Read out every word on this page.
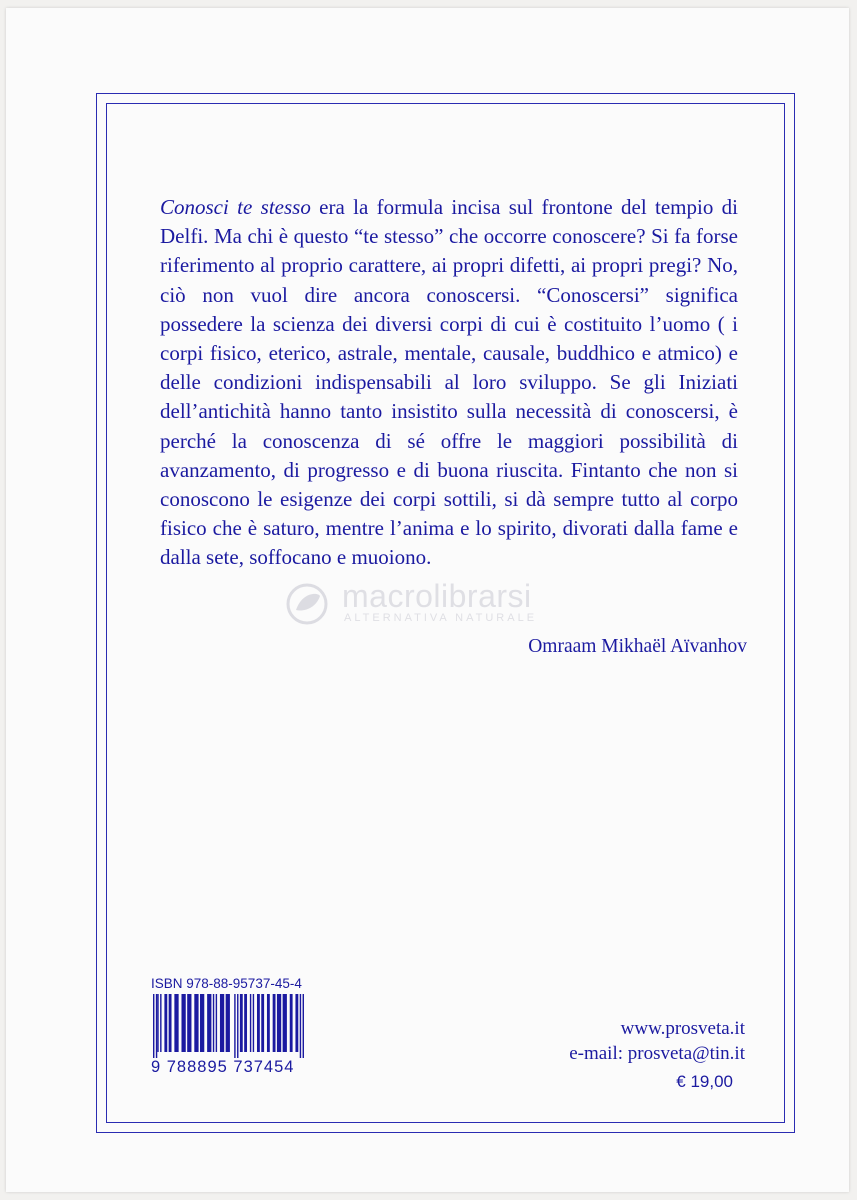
Conosci te stesso era la formula incisa sul frontone del tempio di Delfi. Ma chi è questo “te stesso” che occorre conoscere? Si fa forse riferimento al proprio carattere, ai propri difetti, ai propri pregi? No, ciò non vuol dire ancora conoscersi. “Conoscersi” significa possedere la scienza dei diversi corpi di cui è costituito l’uomo ( i corpi fisico, eterico, astrale, mentale, causale, buddhico e atmico) e delle condizioni indispensabili al loro sviluppo. Se gli Iniziati dell’antichità hanno tanto insistito sulla necessità di conoscersi, è perché la conoscenza di sé offre le maggiori possibilità di avanzamento, di progresso e di buona riuscita. Fintanto che non si conoscono le esigenze dei corpi sottili, si dà sempre tutto al corpo fisico che è saturo, mentre l’anima e lo spirito, divorati dalla fame e dalla sete, soffocano e muoiono.

macrolibrarsi
ALTERNATIVA NATURALE
Omraam Mikhaël Aïvanhov
ISBN 978-88-95737-45-4
9 788895 737454
www.prosveta.it
e-mail: prosveta@tin.it
€ 19,00
